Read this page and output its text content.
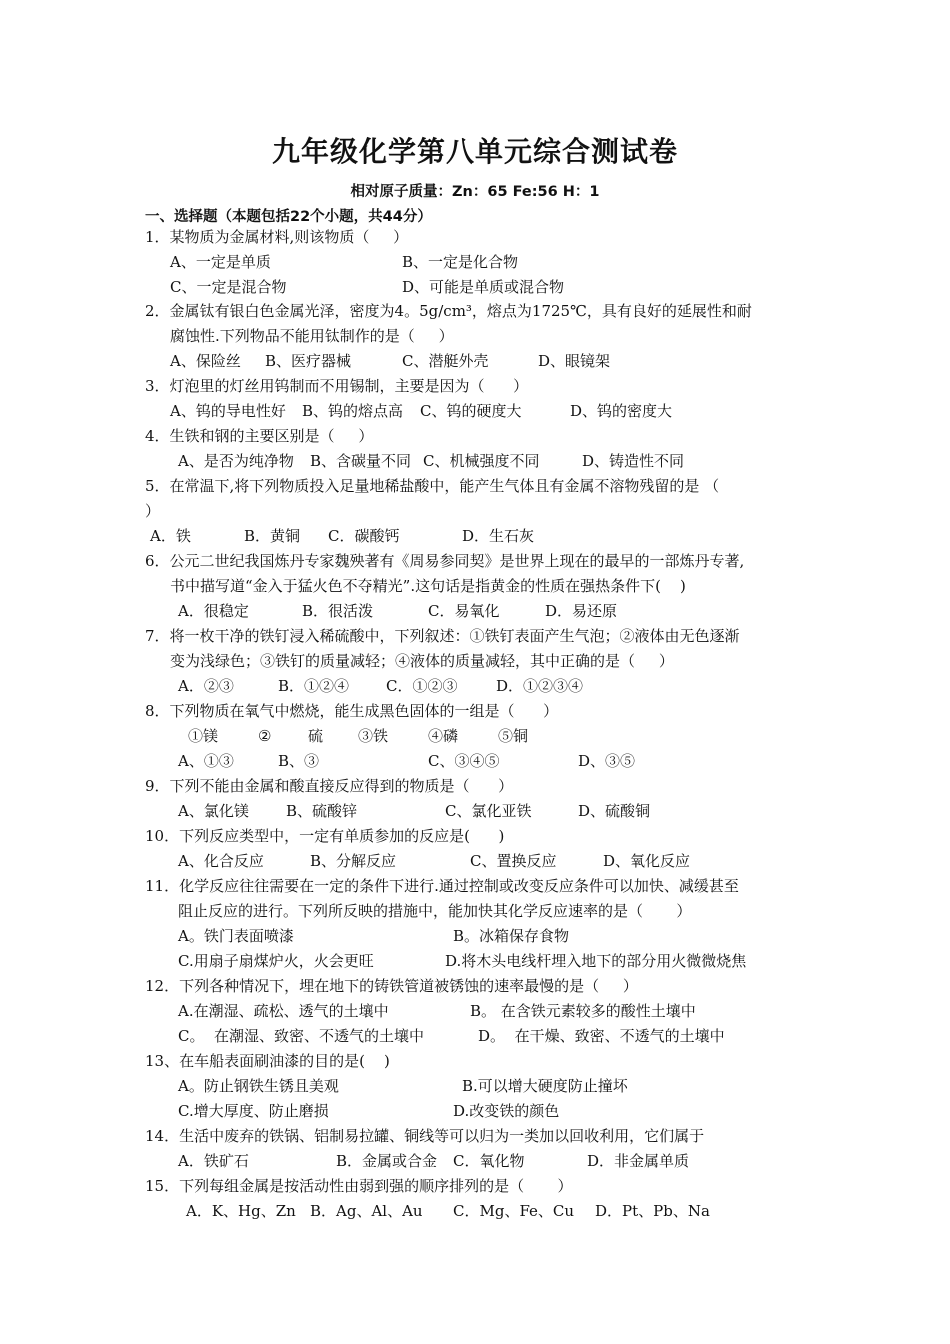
九年级化学第八单元综合测试卷
相对原子质量：Zn：65 Fe:56 H：1
一、选择题（本题包括22个小题，共44分）
1．某物质为金属材料,则该物质（     ）
A、一定是单质	B、一定是化合物
C、一定是混合物	D、可能是单质或混合物
2．金属钛有银白色金属光泽，密度为4。5g/cm³，熔点为1725℃，具有良好的延展性和耐
腐蚀性.下列物品不能用钛制作的是（     ）
A、保险丝 B、医疗器械	C、潜艇外壳	D、眼镜架
3．灯泡里的灯丝用钨制而不用锡制，主要是因为（      ）
A、钨的导电性好 B、钨的熔点高 C、钨的硬度大	D、钨的密度大
4．生铁和钢的主要区别是（     ）
A、是否为纯净物 B、含碳量不同 C、机械强度不同	D、铸造性不同
5．在常温下,将下列物质投入足量地稀盐酸中，能产生气体且有金属不溶物残留的是 （
）
A．铁	B．黄铜 C．碳酸钙	D．生石灰
6．公元二世纪我国炼丹专家魏殃著有《周易参同契》是世界上现在的最早的一部炼丹专著,
书中描写道“金入于猛火色不夺精光”.这句话是指黄金的性质在强热条件下(    )
A．很稳定	B．很活泼	C．易氧化	D．易还原
7．将一枚干净的铁钉浸入稀硫酸中，下列叙述：①铁钉表面产生气泡；②液体由无色逐渐
变为浅绿色；③铁钉的质量减轻；④液体的质量减轻，其中正确的是（     ）
A．②③	B．①②④ C．①②③	D．①②③④
8．下列物质在氧气中燃烧，能生成黑色固体的一组是（      ）
①镁	② 硫 ③铁	④磷	⑤铜
A、①③	B、③	C、③④⑤	D、③⑤
9．下列不能由金属和酸直接反应得到的物质是（      ）
A、氯化镁 B、硫酸锌	C、氯化亚铁	D、硫酸铜
10．下列反应类型中，一定有单质参加的反应是(      )
A、化合反应	B、分解反应	C、置换反应	D、氧化反应
11．化学反应往往需要在一定的条件下进行.通过控制或改变反应条件可以加快、减缓甚至
阻止反应的进行。下列所反映的措施中，能加快其化学反应速率的是（       ）
A。铁门表面喷漆	B。冰箱保存食物
C.用扇子扇煤炉火，火会更旺	D.将木头电线杆埋入地下的部分用火微微烧焦
12．下列各种情况下，埋在地下的铸铁管道被锈蚀的速率最慢的是（     ）
A.在潮湿、疏松、透气的土壤中	B。 在含铁元素较多的酸性土壤中
C。  在潮湿、致密、不透气的土壤中	D。  在干燥、致密、不透气的土壤中
13、在车船表面刷油漆的目的是(    )
A。防止钢铁生锈且美观	B.可以增大硬度防止撞坏
C.增大厚度、防止磨损	D.改变铁的颜色
14．生活中废弃的铁锅、铝制易拉罐、铜线等可以归为一类加以回收利用，它们属于
A．铁矿石	B．金属或合金 C．氧化物	D．非金属单质
15．下列每组金属是按活动性由弱到强的顺序排列的是（       ）
A．K、Hg、Zn B．Ag、Al、Au C．Mg、Fe、Cu D．Pt、Pb、Na
